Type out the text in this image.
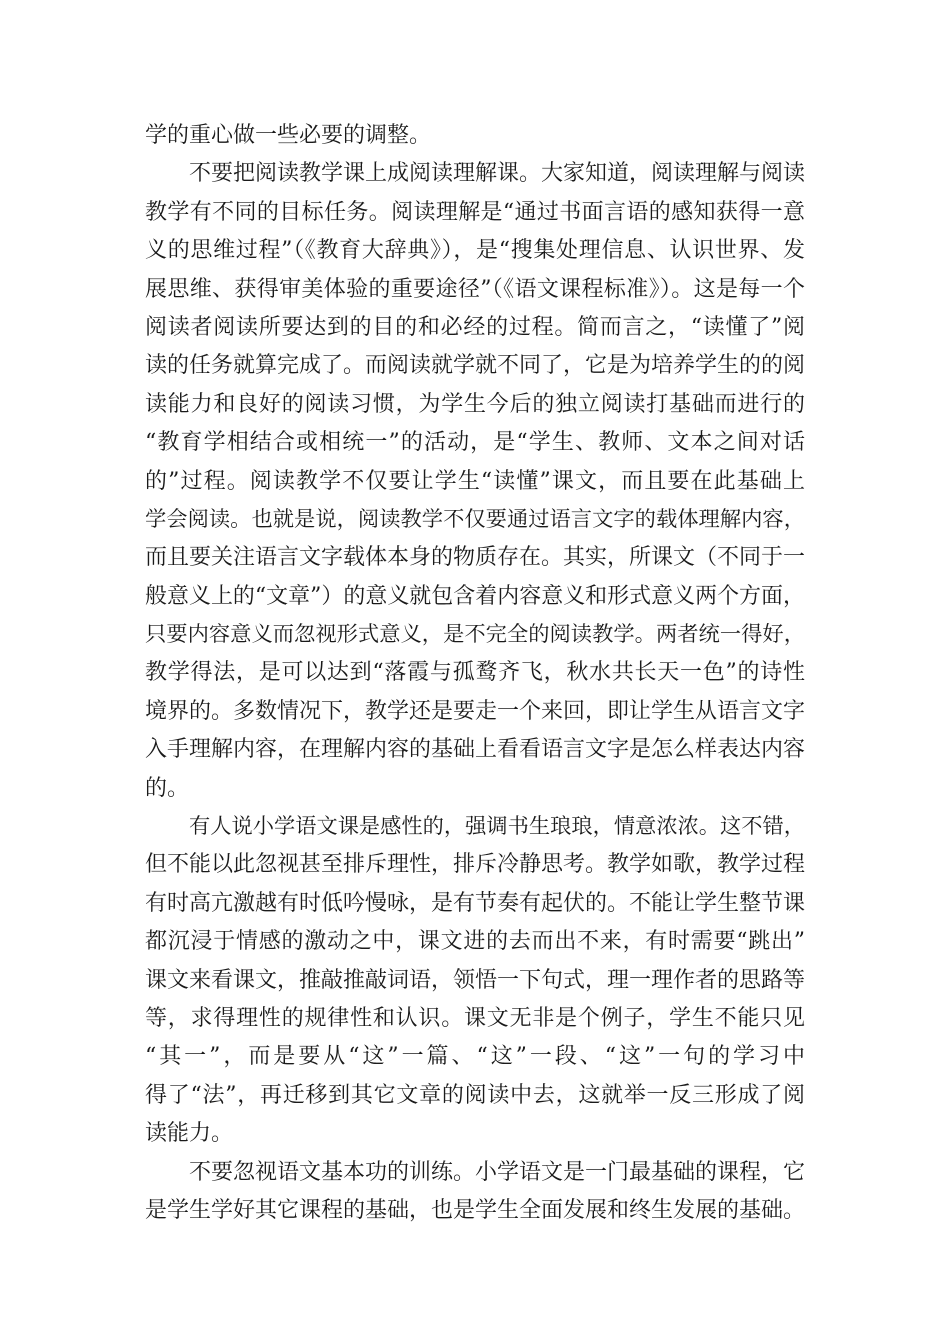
学的重心做一些必要的调整。
不要把阅读教学课上成阅读理解课。大家知道，阅读理解与阅读
教学有不同的目标任务。阅读理解是“通过书面言语的感知获得一意
义的思维过程”（《教育大辞典》），是“搜集处理信息、认识世界、发
展思维、获得审美体验的重要途径”（《语文课程标准》）。这是每一个
阅读者阅读所要达到的目的和必经的过程。简而言之，“读懂了”阅
读的任务就算完成了。而阅读就学就不同了，它是为培养学生的的阅
读能力和良好的阅读习惯，为学生今后的独立阅读打基础而进行的
“教育学相结合或相统一”的活动，是“学生、教师、文本之间对话
的”过程。阅读教学不仅要让学生“读懂”课文，而且要在此基础上
学会阅读。也就是说，阅读教学不仅要通过语言文字的载体理解内容，
而且要关注语言文字载体本身的物质存在。其实，所课文（不同于一
般意义上的“文章”）的意义就包含着内容意义和形式意义两个方面，
只要内容意义而忽视形式意义，是不完全的阅读教学。两者统一得好，
教学得法，是可以达到“落霞与孤鹜齐飞，秋水共长天一色”的诗性
境界的。多数情况下，教学还是要走一个来回，即让学生从语言文字
入手理解内容，在理解内容的基础上看看语言文字是怎么样表达内容
的。
有人说小学语文课是感性的，强调书生琅琅，情意浓浓。这不错，
但不能以此忽视甚至排斥理性，排斥冷静思考。教学如歌，教学过程
有时高亢激越有时低吟慢咏，是有节奏有起伏的。不能让学生整节课
都沉浸于情感的激动之中，课文进的去而出不来，有时需要“跳出”
课文来看课文，推敲推敲词语，领悟一下句式，理一理作者的思路等
等，求得理性的规律性和认识。课文无非是个例子，学生不能只见
“其一”，而是要从“这”一篇、“这”一段、“这”一句的学习中
得了“法”，再迁移到其它文章的阅读中去，这就举一反三形成了阅
读能力。
不要忽视语文基本功的训练。小学语文是一门最基础的课程，它
是学生学好其它课程的基础，也是学生全面发展和终生发展的基础。
